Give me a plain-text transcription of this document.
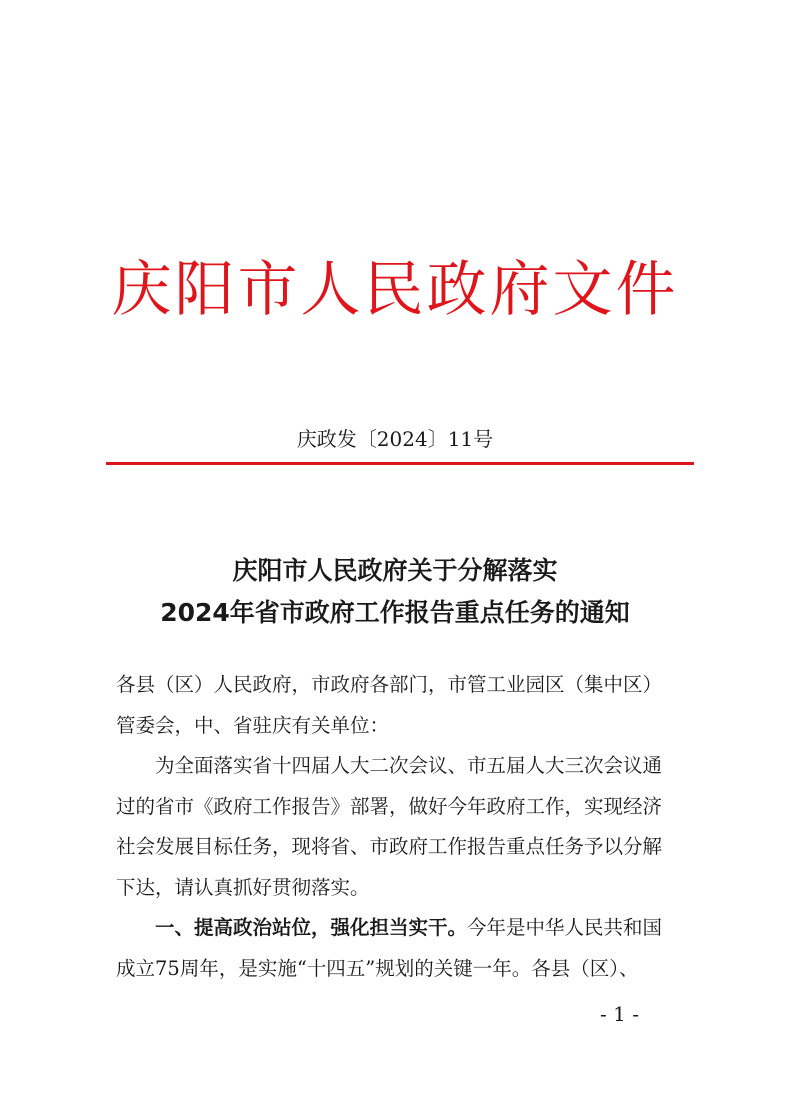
庆阳市人民政府文件
庆政发〔2024〕11号
庆阳市人民政府关于分解落实
2024年省市政府工作报告重点任务的通知

各县（区）人民政府，市政府各部门，市管工业园区（集中区）
管委会，中、省驻庆有关单位：

为全面落实省十四届人大二次会议、市五届人大三次会议通
过的省市《政府工作报告》部署，做好今年政府工作，实现经济
社会发展目标任务，现将省、市政府工作报告重点任务予以分解
下达，请认真抓好贯彻落实。

一、提高政治站位，强化担当实干。今年是中华人民共和国
成立75周年，是实施“十四五”规划的关键一年。各县（区）、

- 1 -
